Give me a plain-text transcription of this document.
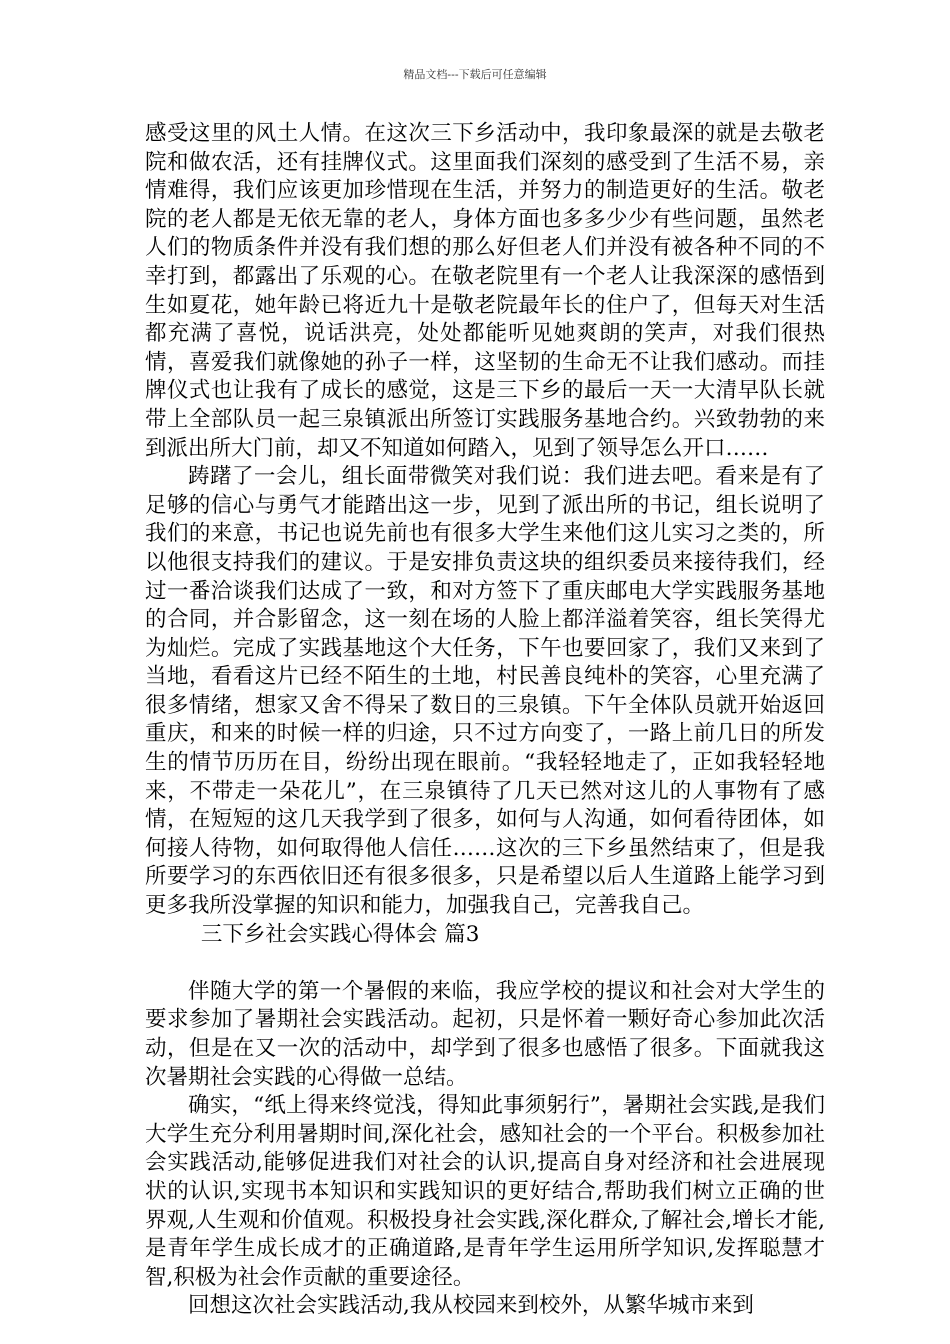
精品文档---下载后可任意编辑

感受这里的风土人情。在这次三下乡活动中，我印象最深的就是去敬老院和做农活，还有挂牌仪式。这里面我们深刻的感受到了生活不易，亲情难得，我们应该更加珍惜现在生活，并努力的制造更好的生活。敬老院的老人都是无依无靠的老人，身体方面也多多少少有些问题，虽然老人们的物质条件并没有我们想的那么好但老人们并没有被各种不同的不幸打到，都露出了乐观的心。在敬老院里有一个老人让我深深的感悟到生如夏花，她年龄已将近九十是敬老院最年长的住户了，但每天对生活都充满了喜悦，说话洪亮，处处都能听见她爽朗的笑声，对我们很热情，喜爱我们就像她的孙子一样，这坚韧的生命无不让我们感动。而挂牌仪式也让我有了成长的感觉，这是三下乡的最后一天一大清早队长就带上全部队员一起三泉镇派出所签订实践服务基地合约。兴致勃勃的来到派出所大门前，却又不知道如何踏入，见到了领导怎么开口……

踌躇了一会儿，组长面带微笑对我们说：我们进去吧。看来是有了足够的信心与勇气才能踏出这一步，见到了派出所的书记，组长说明了我们的来意，书记也说先前也有很多大学生来他们这儿实习之类的，所以他很支持我们的建议。于是安排负责这块的组织委员来接待我们，经过一番洽谈我们达成了一致，和对方签下了重庆邮电大学实践服务基地的合同，并合影留念，这一刻在场的人脸上都洋溢着笑容，组长笑得尤为灿烂。完成了实践基地这个大任务，下午也要回家了，我们又来到了当地，看看这片已经不陌生的土地，村民善良纯朴的笑容，心里充满了很多情绪，想家又舍不得呆了数日的三泉镇。下午全体队员就开始返回重庆，和来的时候一样的归途，只不过方向变了，一路上前几日的所发生的情节历历在目，纷纷出现在眼前。“我轻轻地走了，正如我轻轻地来，不带走一朵花儿”，在三泉镇待了几天已然对这儿的人事物有了感情，在短短的这几天我学到了很多，如何与人沟通，如何看待团体，如何接人待物，如何取得他人信任……这次的三下乡虽然结束了，但是我所要学习的东西依旧还有很多很多，只是希望以后人生道路上能学习到更多我所没掌握的知识和能力，加强我自己，完善我自己。

三下乡社会实践心得体会 篇3

伴随大学的第一个暑假的来临，我应学校的提议和社会对大学生的要求参加了暑期社会实践活动。起初，只是怀着一颗好奇心参加此次活动，但是在又一次的活动中，却学到了很多也感悟了很多。下面就我这次暑期社会实践的心得做一总结。

确实，“纸上得来终觉浅，得知此事须躬行”，暑期社会实践,是我们大学生充分利用暑期时间,深化社会，感知社会的一个平台。积极参加社会实践活动,能够促进我们对社会的认识,提高自身对经济和社会进展现状的认识,实现书本知识和实践知识的更好结合,帮助我们树立正确的世界观,人生观和价值观。积极投身社会实践,深化群众,了解社会,增长才能,是青年学生成长成才的正确道路,是青年学生运用所学知识,发挥聪慧才智,积极为社会作贡献的重要途径。

回想这次社会实践活动,我从校园来到校外，从繁华城市来到
